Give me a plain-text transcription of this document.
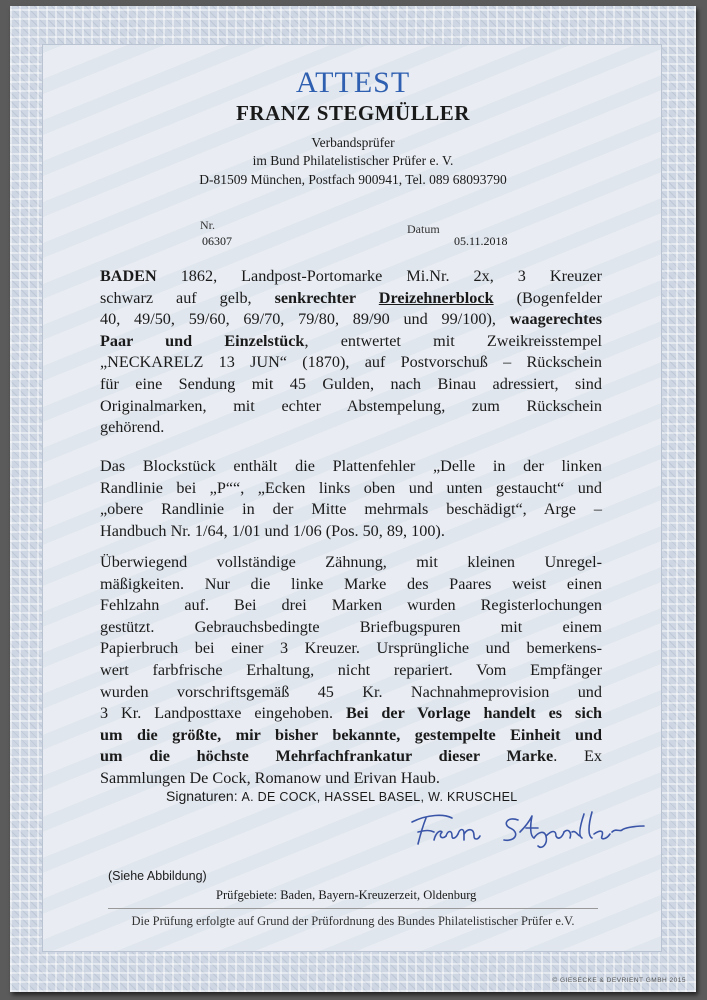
ATTEST
FRANZ STEGMÜLLER
Verbandsprüfer
im Bund Philatelistischer Prüfer e. V.
D-81509 München, Postfach 900941, Tel. 089 68093790
Nr.
06307
Datum
05.11.2018
BADEN 1862, Landpost-Portomarke Mi.Nr. 2x, 3 Kreuzer
schwarz auf gelb, senkrechter Dreizehnerblock (Bogenfelder
40, 49/50, 59/60, 69/70, 79/80, 89/90 und 99/100), waagerechtes
Paar und Einzelstück, entwertet mit Zweikreisstempel
„NECKARELZ 13 JUN“ (1870), auf Postvorschuß – Rückschein
für eine Sendung mit 45 Gulden, nach Binau adressiert, sind
Originalmarken, mit echter Abstempelung, zum Rückschein
gehörend.
Das Blockstück enthält die Plattenfehler „Delle in der linken
Randlinie bei „P““, „Ecken links oben und unten gestaucht“ und
„obere Randlinie in der Mitte mehrmals beschädigt“, Arge –
Handbuch Nr. 1/64, 1/01 und 1/06 (Pos. 50, 89, 100).
Überwiegend vollständige Zähnung, mit kleinen Unregel-
mäßigkeiten. Nur die linke Marke des Paares weist einen
Fehlzahn auf. Bei drei Marken wurden Registerlochungen
gestützt. Gebrauchsbedingte Briefbugspuren mit einem
Papierbruch bei einer 3 Kreuzer. Ursprüngliche und bemerkens-
wert farbfrische Erhaltung, nicht repariert. Vom Empfänger
wurden vorschriftsgemäß 45 Kr. Nachnahmeprovision und
3 Kr. Landposttaxe eingehoben. Bei der Vorlage handelt es sich
um die größte, mir bisher bekannte, gestempelte Einheit und
um die höchste Mehrfachfrankatur dieser Marke. Ex
Sammlungen De Cock, Romanow und Erivan Haub.
Signaturen: A. DE COCK, HASSEL BASEL, W. KRUSCHEL
(Siehe Abbildung)
Prüfgebiete: Baden, Bayern-Kreuzerzeit, Oldenburg
Die Prüfung erfolgte auf Grund der Prüfordnung des Bundes Philatelistischer Prüfer e.V.
© GIESECKE & DEVRIENT GMBH 2015
